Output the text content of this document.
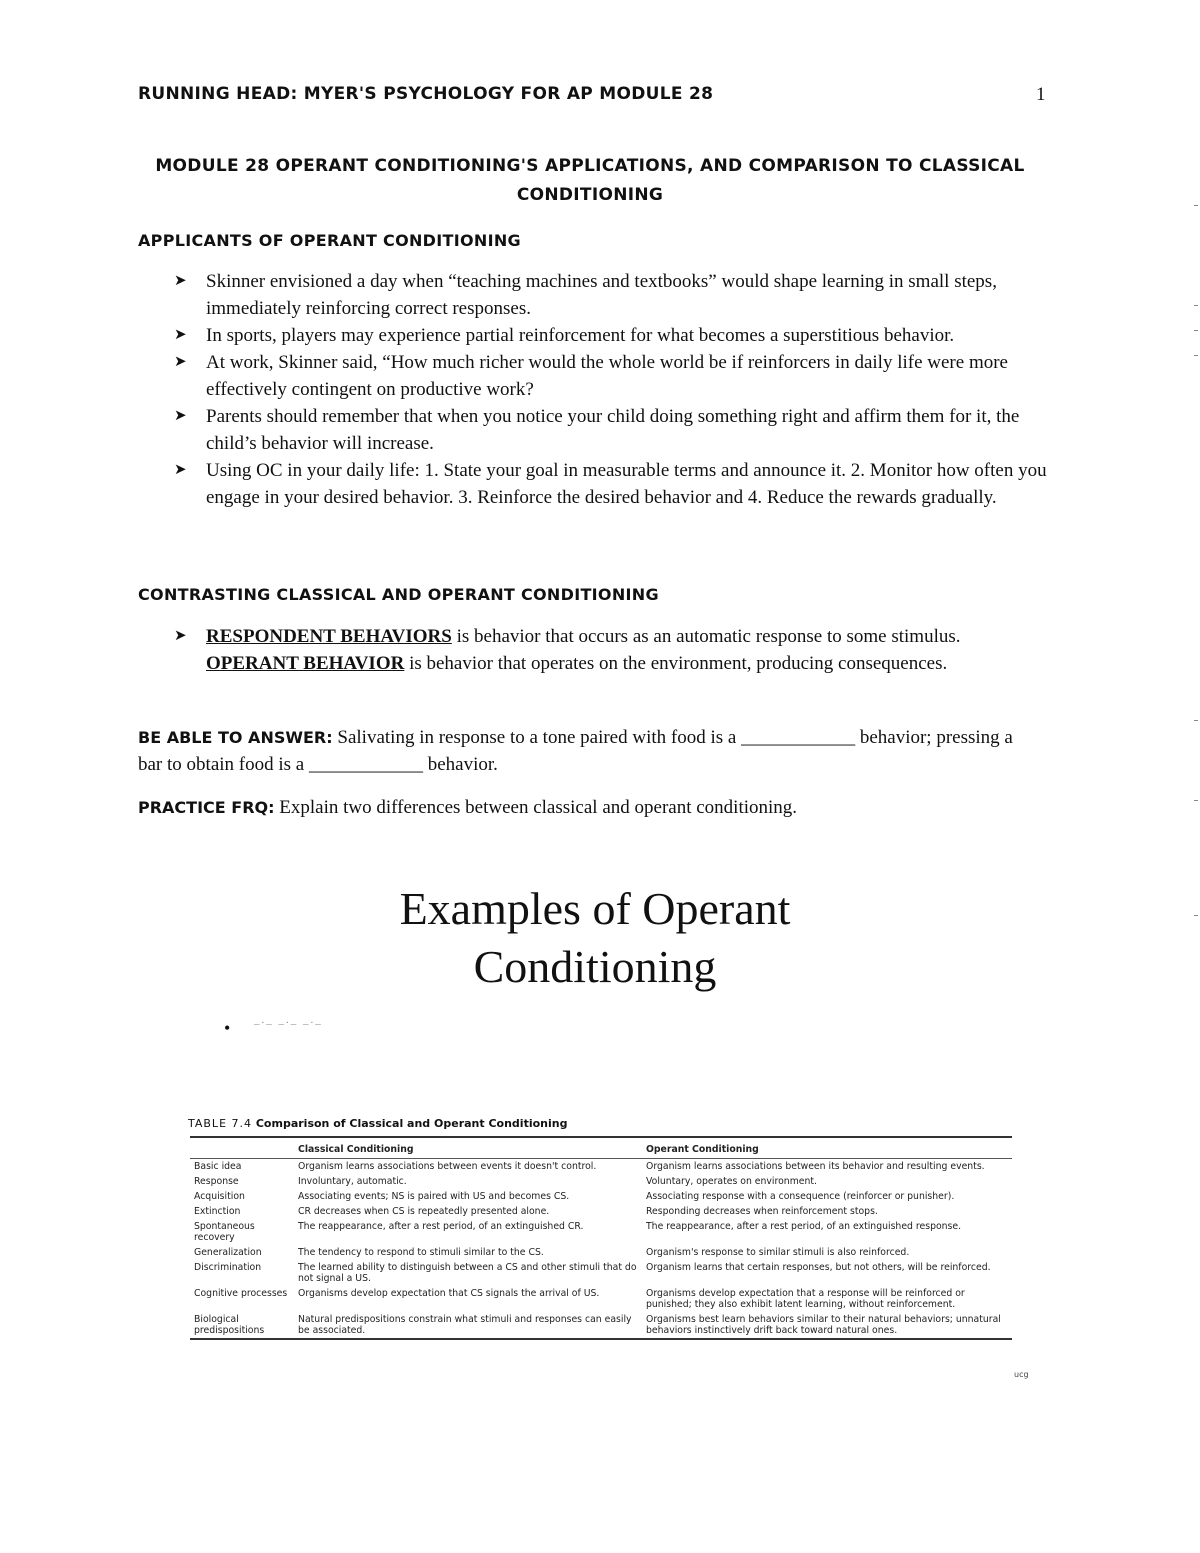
RUNNING HEAD: MYER'S PSYCHOLOGY FOR AP MODULE 28	1
MODULE 28 OPERANT CONDITIONING'S APPLICATIONS, AND COMPARISON TO CLASSICAL
CONDITIONING
APPLICANTS OF OPERANT CONDITIONING
➤ Skinner envisioned a day when “teaching machines and textbooks” would shape learning in small steps, immediately reinforcing correct responses.
➤ In sports, players may experience partial reinforcement for what becomes a superstitious behavior.
➤ At work, Skinner said, “How much richer would the whole world be if reinforcers in daily life were more effectively contingent on productive work?
➤ Parents should remember that when you notice your child doing something right and affirm them for it, the child’s behavior will increase.
➤ Using OC in your daily life: 1. State your goal in measurable terms and announce it. 2. Monitor how often you engage in your desired behavior. 3. Reinforce the desired behavior and 4. Reduce the rewards gradually.
CONTRASTING CLASSICAL AND OPERANT CONDITIONING
➤ RESPONDENT BEHAVIORS is behavior that occurs as an automatic response to some stimulus. OPERANT BEHAVIOR is behavior that operates on the environment, producing consequences.
BE ABLE TO ANSWER: Salivating in response to a tone paired with food is a ____________ behavior; pressing a bar to obtain food is a ____________ behavior.
PRACTICE FRQ: Explain two differences between classical and operant conditioning.
Examples of Operant
Conditioning
• _._ _._ _._
TABLE 7.4 Comparison of Classical and Operant Conditioning
	Classical Conditioning	Operant Conditioning
Basic idea	Organism learns associations between events it doesn't control.	Organism learns associations between its behavior and resulting events.
Response	Involuntary, automatic.	Voluntary, operates on environment.
Acquisition	Associating events; NS is paired with US and becomes CS.	Associating response with a consequence (reinforcer or punisher).
Extinction	CR decreases when CS is repeatedly presented alone.	Responding decreases when reinforcement stops.
Spontaneous recovery	The reappearance, after a rest period, of an extinguished CR.	The reappearance, after a rest period, of an extinguished response.
Generalization	The tendency to respond to stimuli similar to the CS.	Organism's response to similar stimuli is also reinforced.
Discrimination	The learned ability to distinguish between a CS and other stimuli that do not signal a US.	Organism learns that certain responses, but not others, will be reinforced.
Cognitive processes	Organisms develop expectation that CS signals the arrival of US.	Organisms develop expectation that a response will be reinforced or punished; they also exhibit latent learning, without reinforcement.
Biological predispositions	Natural predispositions constrain what stimuli and responses can easily be associated.	Organisms best learn behaviors similar to their natural behaviors; unnatural behaviors instinctively drift back toward natural ones.
ucg
